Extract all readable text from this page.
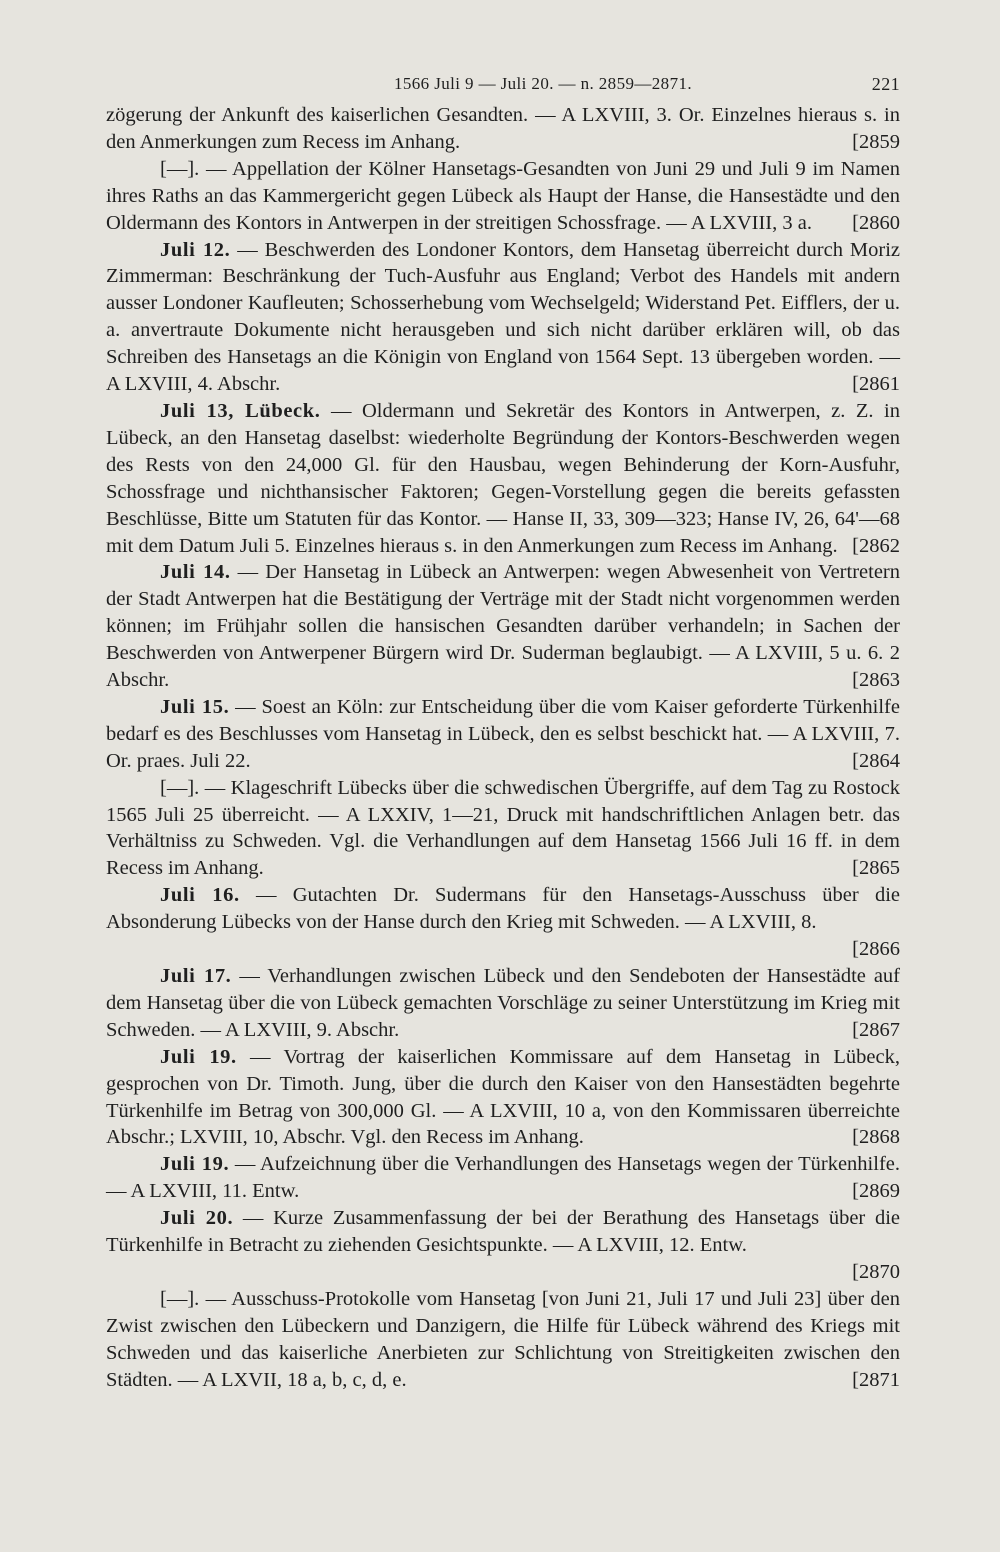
1566 Juli 9 — Juli 20. — n. 2859—2871.	221

zögerung der Ankunft des kaiserlichen Gesandten. — A LXVIII, 3. Or. Einzelnes hieraus s. in den Anmerkungen zum Recess im Anhang.	[2859

[—]. — Appellation der Kölner Hansetags-Gesandten von Juni 29 und Juli 9 im Namen ihres Raths an das Kammergericht gegen Lübeck als Haupt der Hanse, die Hansestädte und den Oldermann des Kontors in Antwerpen in der streitigen Schossfrage. — A LXVIII, 3 a.	[2860

Juli 12. — Beschwerden des Londoner Kontors, dem Hansetag überreicht durch Moriz Zimmerman: Beschränkung der Tuch-Ausfuhr aus England; Verbot des Handels mit andern ausser Londoner Kaufleuten; Schosserhebung vom Wechselgeld; Widerstand Pet. Eifflers, der u. a. anvertraute Dokumente nicht herausgeben und sich nicht darüber erklären will, ob das Schreiben des Hansetags an die Königin von England von 1564 Sept. 13 übergeben worden. — A LXVIII, 4. Abschr.	[2861

Juli 13, Lübeck. — Oldermann und Sekretär des Kontors in Antwerpen, z. Z. in Lübeck, an den Hansetag daselbst: wiederholte Begründung der Kontors-Beschwerden wegen des Rests von den 24,000 Gl. für den Hausbau, wegen Behinderung der Korn-Ausfuhr, Schossfrage und nichthansischer Faktoren; Gegen-Vorstellung gegen die bereits gefassten Beschlüsse, Bitte um Statuten für das Kontor. — Hanse II, 33, 309—323; Hanse IV, 26, 64'—68 mit dem Datum Juli 5. Einzelnes hieraus s. in den Anmerkungen zum Recess im Anhang. [2862

Juli 14. — Der Hansetag in Lübeck an Antwerpen: wegen Abwesenheit von Vertretern der Stadt Antwerpen hat die Bestätigung der Verträge mit der Stadt nicht vorgenommen werden können; im Frühjahr sollen die hansischen Gesandten darüber verhandeln; in Sachen der Beschwerden von Antwerpener Bürgern wird Dr. Suderman beglaubigt. — A LXVIII, 5 u. 6. 2 Abschr.	[2863

Juli 15. — Soest an Köln: zur Entscheidung über die vom Kaiser geforderte Türkenhilfe bedarf es des Beschlusses vom Hansetag in Lübeck, den es selbst beschickt hat. — A LXVIII, 7. Or. praes. Juli 22.	[2864

[—]. — Klageschrift Lübecks über die schwedischen Übergriffe, auf dem Tag zu Rostock 1565 Juli 25 überreicht. — A LXXIV, 1—21, Druck mit handschriftlichen Anlagen betr. das Verhältniss zu Schweden. Vgl. die Verhandlungen auf dem Hansetag 1566 Juli 16 ff. in dem Recess im Anhang.	[2865

Juli 16. — Gutachten Dr. Sudermans für den Hansetags-Ausschuss über die Absonderung Lübecks von der Hanse durch den Krieg mit Schweden. — A LXVIII, 8.
[2866

Juli 17. — Verhandlungen zwischen Lübeck und den Sendeboten der Hansestädte auf dem Hansetag über die von Lübeck gemachten Vorschläge zu seiner Unterstützung im Krieg mit Schweden. — A LXVIII, 9. Abschr.	[2867

Juli 19. — Vortrag der kaiserlichen Kommissare auf dem Hansetag in Lübeck, gesprochen von Dr. Timoth. Jung, über die durch den Kaiser von den Hansestädten begehrte Türkenhilfe im Betrag von 300,000 Gl. — A LXVIII, 10 a, von den Kommissaren überreichte Abschr.; LXVIII, 10, Abschr. Vgl. den Recess im Anhang.	[2868

Juli 19. — Aufzeichnung über die Verhandlungen des Hansetags wegen der Türkenhilfe. — A LXVIII, 11. Entw.	[2869

Juli 20. — Kurze Zusammenfassung der bei der Berathung des Hansetags über die Türkenhilfe in Betracht zu ziehenden Gesichtspunkte. — A LXVIII, 12. Entw.
[2870

[—]. — Ausschuss-Protokolle vom Hansetag [von Juni 21, Juli 17 und Juli 23] über den Zwist zwischen den Lübeckern und Danzigern, die Hilfe für Lübeck während des Kriegs mit Schweden und das kaiserliche Anerbieten zur Schlichtung von Streitigkeiten zwischen den Städten. — A LXVII, 18 a, b, c, d, e.	[2871
